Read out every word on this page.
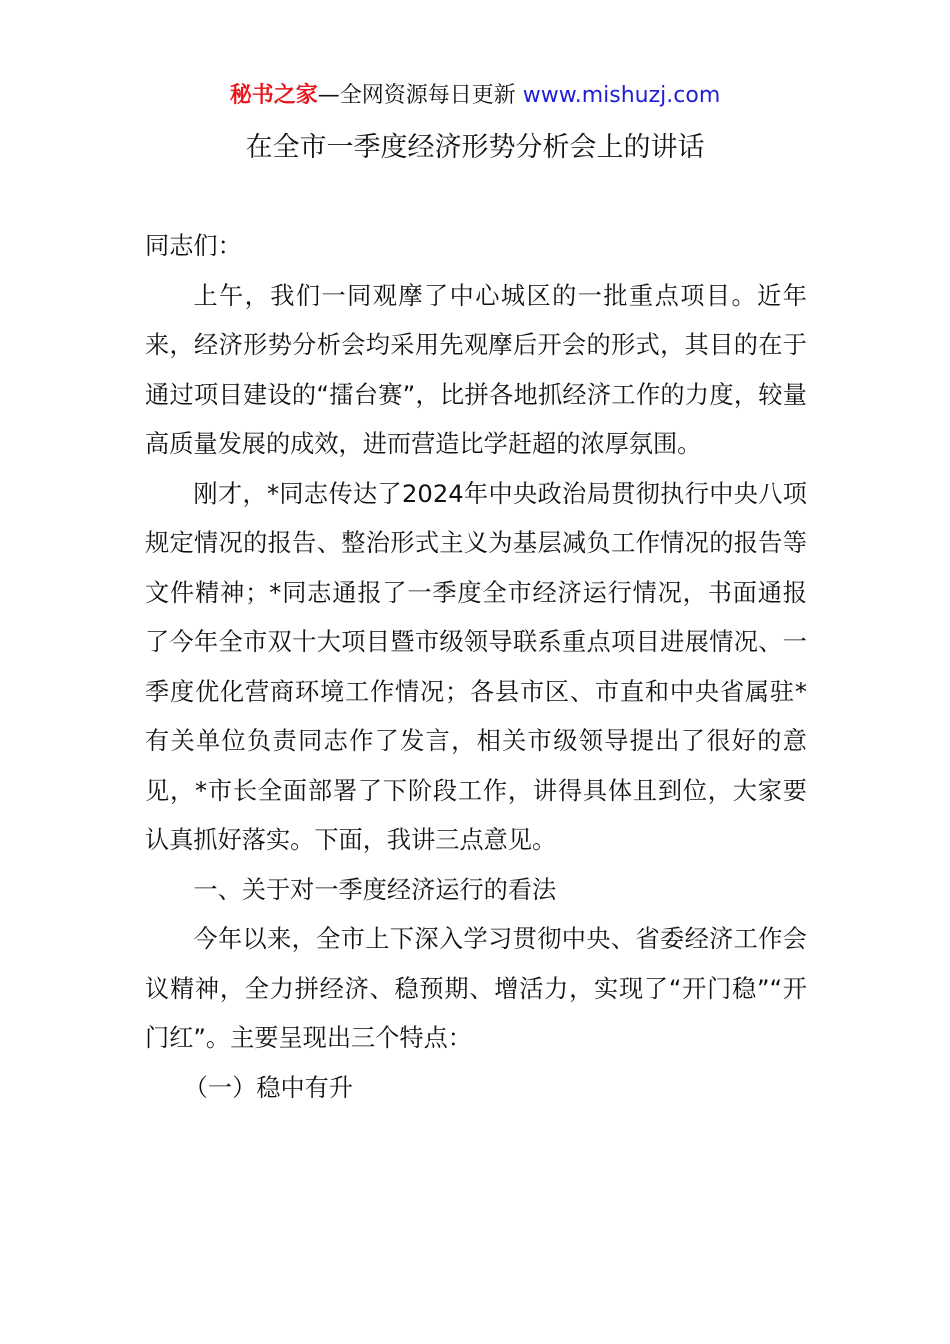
秘书之家—全网资源每日更新 www.mishuzj.com
在全市一季度经济形势分析会上的讲话

同志们：

上午，我们一同观摩了中心城区的一批重点项目。近年来，经济形势分析会均采用先观摩后开会的形式，其目的在于通过项目建设的“擂台赛”，比拼各地抓经济工作的力度，较量高质量发展的成效，进而营造比学赶超的浓厚氛围。

刚才，*同志传达了2024年中央政治局贯彻执行中央八项规定情况的报告、整治形式主义为基层减负工作情况的报告等文件精神；*同志通报了一季度全市经济运行情况，书面通报了今年全市双十大项目暨市级领导联系重点项目进展情况、一季度优化营商环境工作情况；各县市区、市直和中央省属驻*有关单位负责同志作了发言，相关市级领导提出了很好的意见，*市长全面部署了下阶段工作，讲得具体且到位，大家要认真抓好落实。下面，我讲三点意见。

一、关于对一季度经济运行的看法

今年以来，全市上下深入学习贯彻中央、省委经济工作会议精神，全力拼经济、稳预期、增活力，实现了“开门稳”“开门红”。主要呈现出三个特点：

（一）稳中有升
